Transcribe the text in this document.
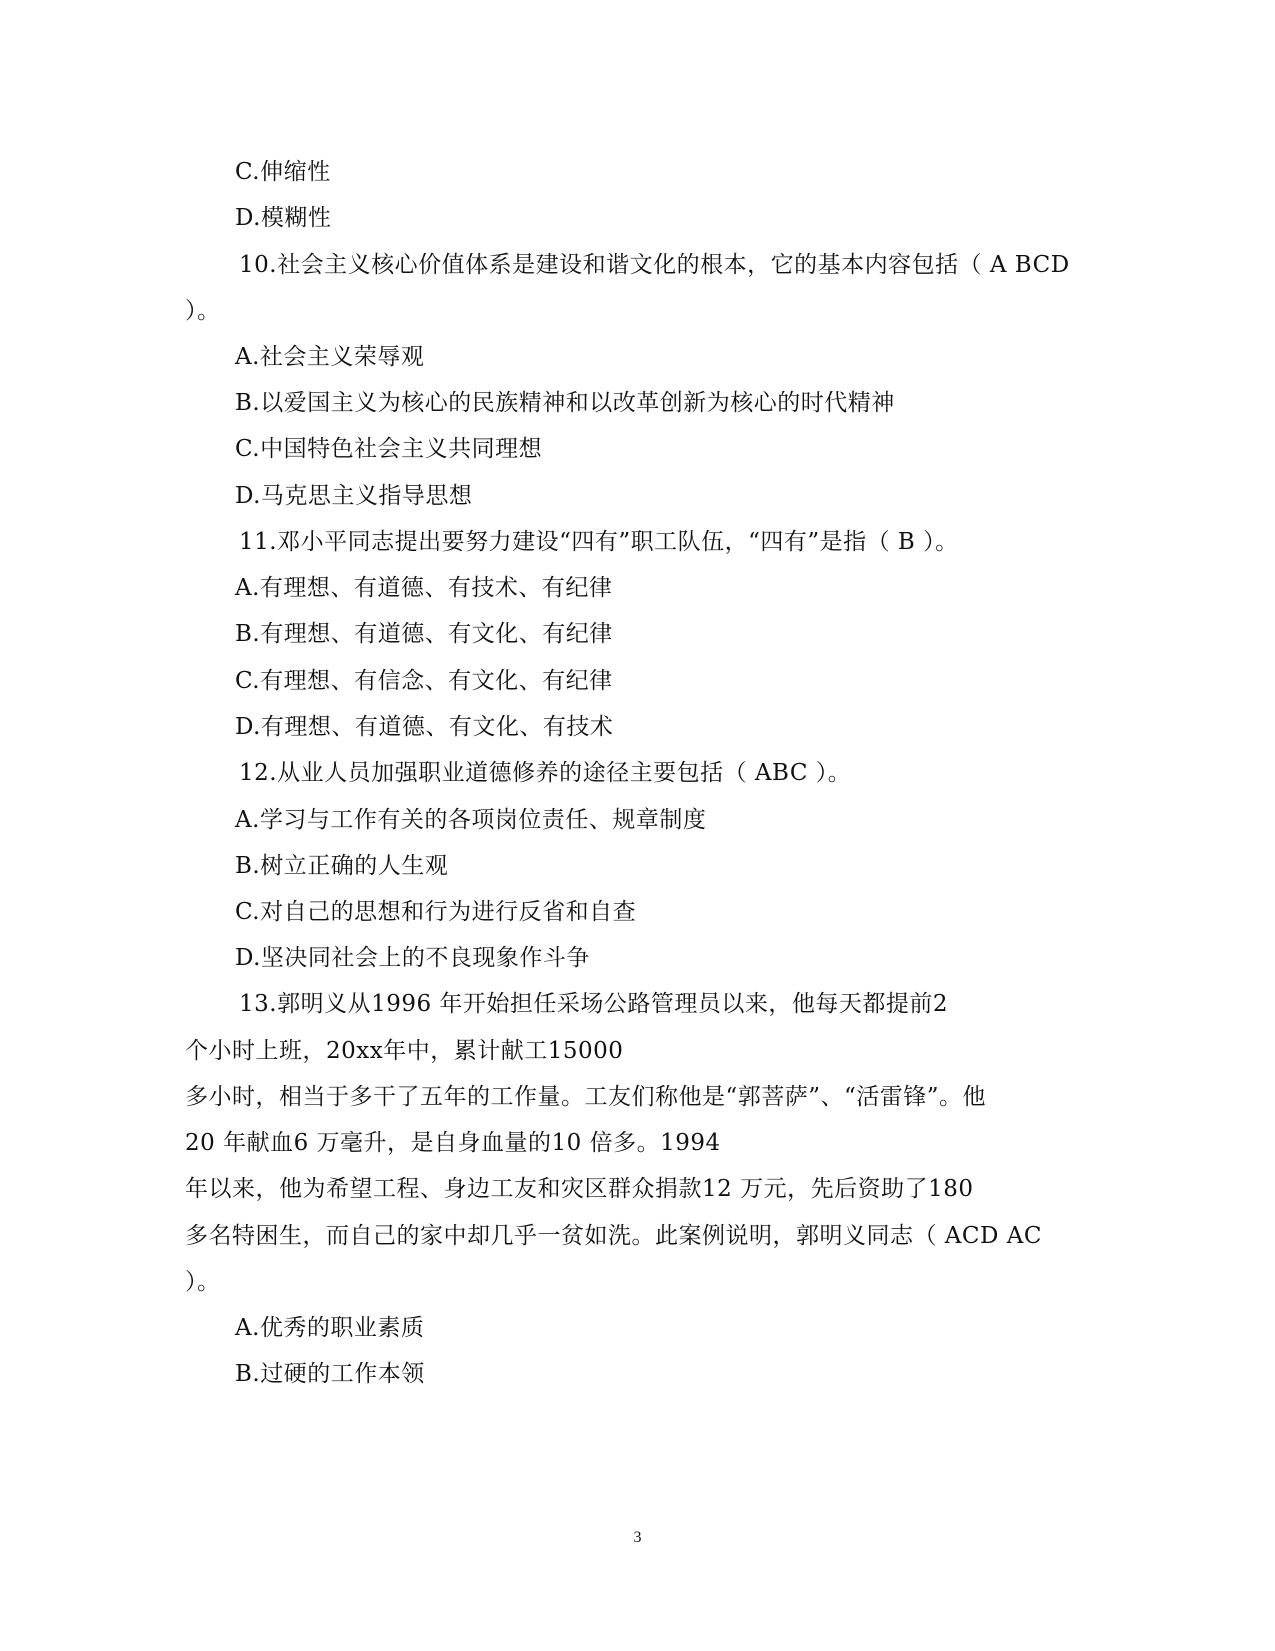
C.伸缩性
D.模糊性
10.社会主义核心价值体系是建设和谐文化的根本，它的基本内容包括（ A BCD
）。
A.社会主义荣辱观
B.以爱国主义为核心的民族精神和以改革创新为核心的时代精神
C.中国特色社会主义共同理想
D.马克思主义指导思想
11.邓小平同志提出要努力建设“四有”职工队伍，“四有”是指（ B ）。
A.有理想、有道德、有技术、有纪律
B.有理想、有道德、有文化、有纪律
C.有理想、有信念、有文化、有纪律
D.有理想、有道德、有文化、有技术
12.从业人员加强职业道德修养的途径主要包括（ ABC ）。
A.学习与工作有关的各项岗位责任、规章制度
B.树立正确的人生观
C.对自己的思想和行为进行反省和自查
D.坚决同社会上的不良现象作斗争
13.郭明义从1996 年开始担任采场公路管理员以来，他每天都提前2
个小时上班，20xx年中，累计献工15000
多小时，相当于多干了五年的工作量。工友们称他是“郭菩萨”、“活雷锋”。他
20 年献血6 万毫升，是自身血量的10 倍多。1994
年以来，他为希望工程、身边工友和灾区群众捐款12 万元，先后资助了180
多名特困生，而自己的家中却几乎一贫如洗。此案例说明，郭明义同志（ ACD AC
）。
A.优秀的职业素质
B.过硬的工作本领
3
